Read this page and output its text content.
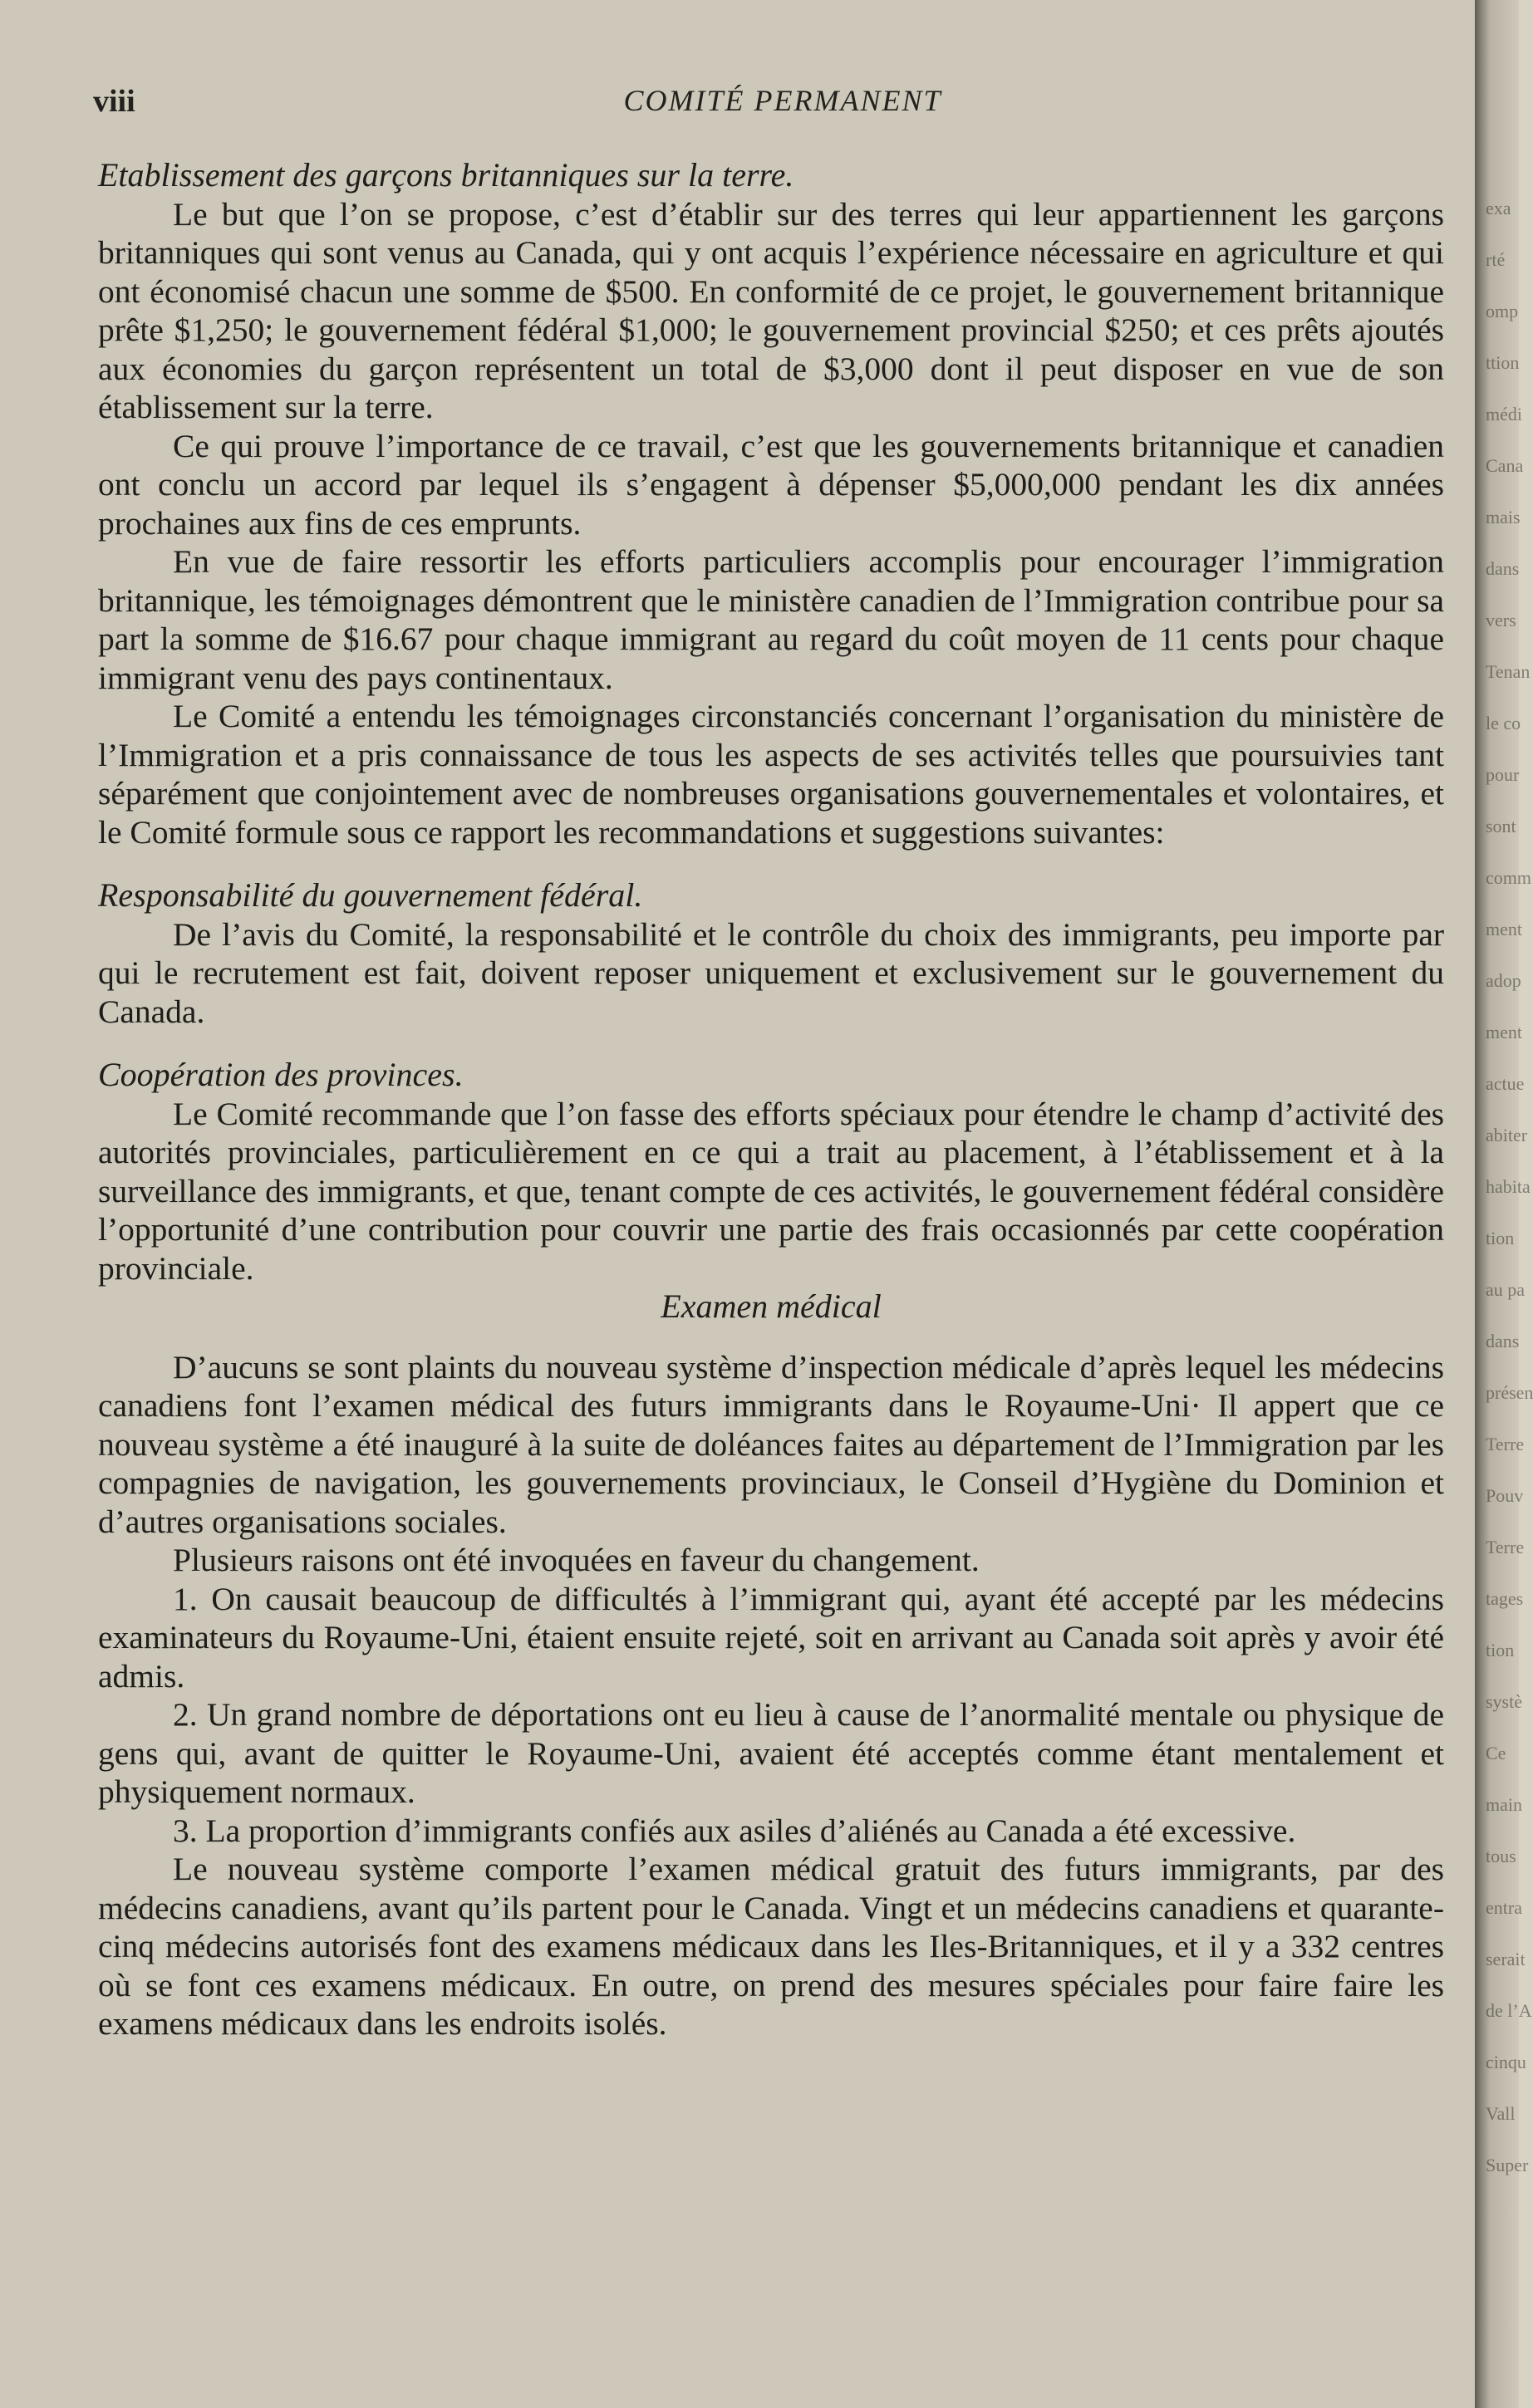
viii	COMITÉ PERMANENT
Etablissement des garçons britanniques sur la terre.

Le but que l’on se propose, c’est d’établir sur des terres qui leur appartiennent les garçons britanniques qui sont venus au Canada, qui y ont acquis l’expérience nécessaire en agriculture et qui ont économisé chacun une somme de $500. En conformité de ce projet, le gouvernement britannique prête $1,250; le gouvernement fédéral $1,000; le gouvernement provincial $250; et ces prêts ajoutés aux économies du garçon représentent un total de $3,000 dont il peut disposer en vue de son établissement sur la terre.

Ce qui prouve l’importance de ce travail, c’est que les gouvernements britannique et canadien ont conclu un accord par lequel ils s’engagent à dépenser $5,000,000 pendant les dix années prochaines aux fins de ces emprunts.

En vue de faire ressortir les efforts particuliers accomplis pour encourager l’immigration britannique, les témoignages démontrent que le ministère canadien de l’Immigration contribue pour sa part la somme de $16.67 pour chaque immigrant au regard du coût moyen de 11 cents pour chaque immigrant venu des pays continentaux.

Le Comité a entendu les témoignages circonstanciés concernant l’organisation du ministère de l’Immigration et a pris connaissance de tous les aspects de ses activités telles que poursuivies tant séparément que conjointement avec de nombreuses organisations gouvernementales et volontaires, et le Comité formule sous ce rapport les recommandations et suggestions suivantes:

Responsabilité du gouvernement fédéral.

De l’avis du Comité, la responsabilité et le contrôle du choix des immigrants, peu importe par qui le recrutement est fait, doivent reposer uniquement et exclusivement sur le gouvernement du Canada.

Coopération des provinces.

Le Comité recommande que l’on fasse des efforts spéciaux pour étendre le champ d’activité des autorités provinciales, particulièrement en ce qui a trait au placement, à l’établissement et à la surveillance des immigrants, et que, tenant compte de ces activités, le gouvernement fédéral considère l’opportunité d’une contribution pour couvrir une partie des frais occasionnés par cette coopération provinciale.

Examen médical

D’aucuns se sont plaints du nouveau système d’inspection médicale d’après lequel les médecins canadiens font l’examen médical des futurs immigrants dans le Royaume-Uni· Il appert que ce nouveau système a été inauguré à la suite de doléances faites au département de l’Immigration par les compagnies de navigation, les gouvernements provinciaux, le Conseil d’Hygiène du Dominion et d’autres organisations sociales.

Plusieurs raisons ont été invoquées en faveur du changement.

1. On causait beaucoup de difficultés à l’immigrant qui, ayant été accepté par les médecins examinateurs du Royaume-Uni, étaient ensuite rejeté, soit en arrivant au Canada soit après y avoir été admis.

2. Un grand nombre de déportations ont eu lieu à cause de l’anormalité mentale ou physique de gens qui, avant de quitter le Royaume-Uni, avaient été acceptés comme étant mentalement et physiquement normaux.

3. La proportion d’immigrants confiés aux asiles d’aliénés au Canada a été excessive.

Le nouveau système comporte l’examen médical gratuit des futurs immigrants, par des médecins canadiens, avant qu’ils partent pour le Canada. Vingt et un médecins canadiens et quarante-cinq médecins autorisés font des examens médicaux dans les Iles-Britanniques, et il y a 332 centres où se font ces examens médicaux. En outre, on prend des mesures spéciales pour faire faire les examens médicaux dans les endroits isolés.

exa
rté
omp
ttion
médi
Cana
mais
dans
vers
Tenan
le co
pour
sont
comm
ment
adop
ment
actue
abiter
habita
tion
au pa
dans
présen
Terre
Pouv
Terre
tages
tion
systè
Ce
main
tous
entra
serait
de l’A
cinqu
Vall
Super
